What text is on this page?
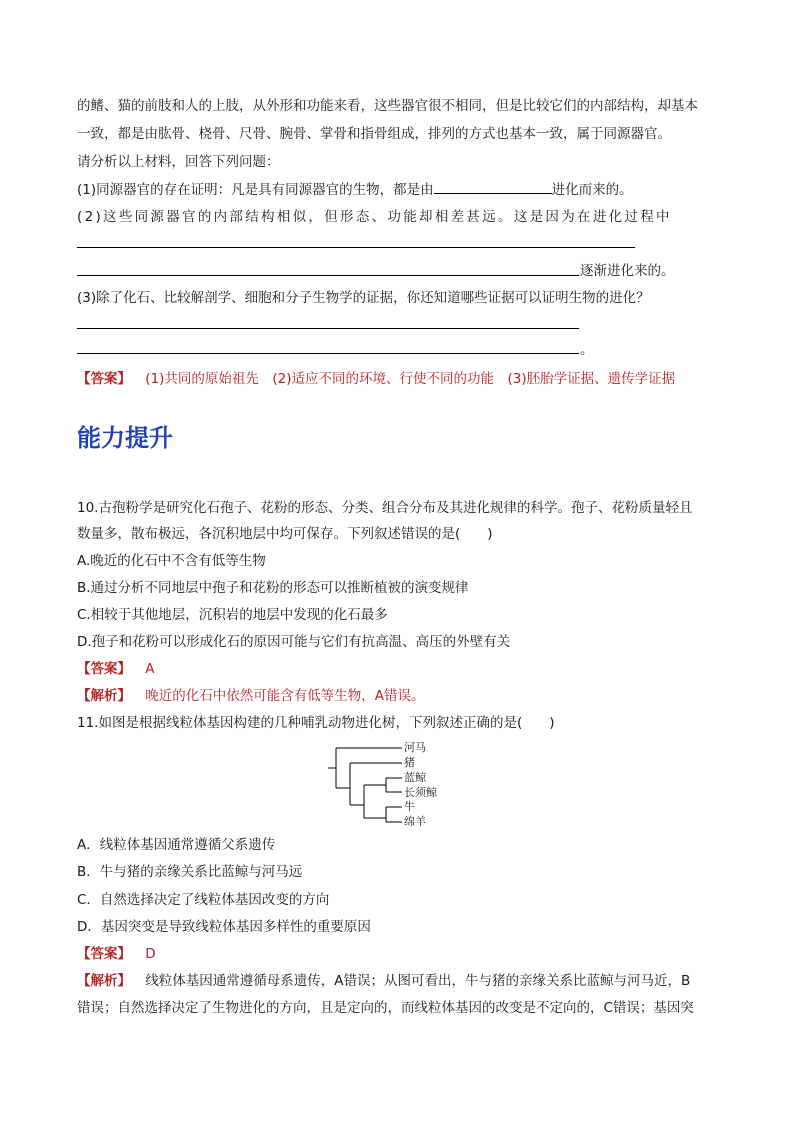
的鳍、猫的前肢和人的上肢，从外形和功能来看，这些器官很不相同，但是比较它们的内部结构，却基本
一致，都是由肱骨、桡骨、尺骨、腕骨、掌骨和指骨组成，排列的方式也基本一致，属于同源器官。
请分析以上材料，回答下列问题：
(1)同源器官的存在证明：凡是具有同源器官的生物，都是由	进化而来的。
(2)这些同源器官的内部结构相似，但形态、功能却相差甚远。这是因为在进化过程中
逐渐进化来的。
(3)除了化石、比较解剖学、细胞和分子生物学的证据，你还知道哪些证据可以证明生物的进化？
。
【答案】 (1)共同的原始祖先　(2)适应不同的环境、行使不同的功能　(3)胚胎学证据、遗传学证据
能力提升
10.古孢粉学是研究化石孢子、花粉的形态、分类、组合分布及其进化规律的科学。孢子、花粉质量轻且
数量多，散布极远，各沉积地层中均可保存。下列叙述错误的是(　　)
A.晚近的化石中不含有低等生物
B.通过分析不同地层中孢子和花粉的形态可以推断植被的演变规律
C.相较于其他地层，沉积岩的地层中发现的化石最多
D.孢子和花粉可以形成化石的原因可能与它们有抗高温、高压的外壁有关
【答案】 A
【解析】 晚近的化石中依然可能含有低等生物，A错误。
11.如图是根据线粒体基因构建的几种哺乳动物进化树，下列叙述正确的是(　　)
河马
猪
蓝鲸
长须鲸
牛
绵羊
A．线粒体基因通常遵循父系遗传
B．牛与猪的亲缘关系比蓝鲸与河马远
C．自然选择决定了线粒体基因改变的方向
D．基因突变是导致线粒体基因多样性的重要原因
【答案】 D
【解析】 线粒体基因通常遵循母系遗传，A错误；从图可看出，牛与猪的亲缘关系比蓝鲸与河马近，B
错误；自然选择决定了生物进化的方向，且是定向的，而线粒体基因的改变是不定向的，C错误；基因突
